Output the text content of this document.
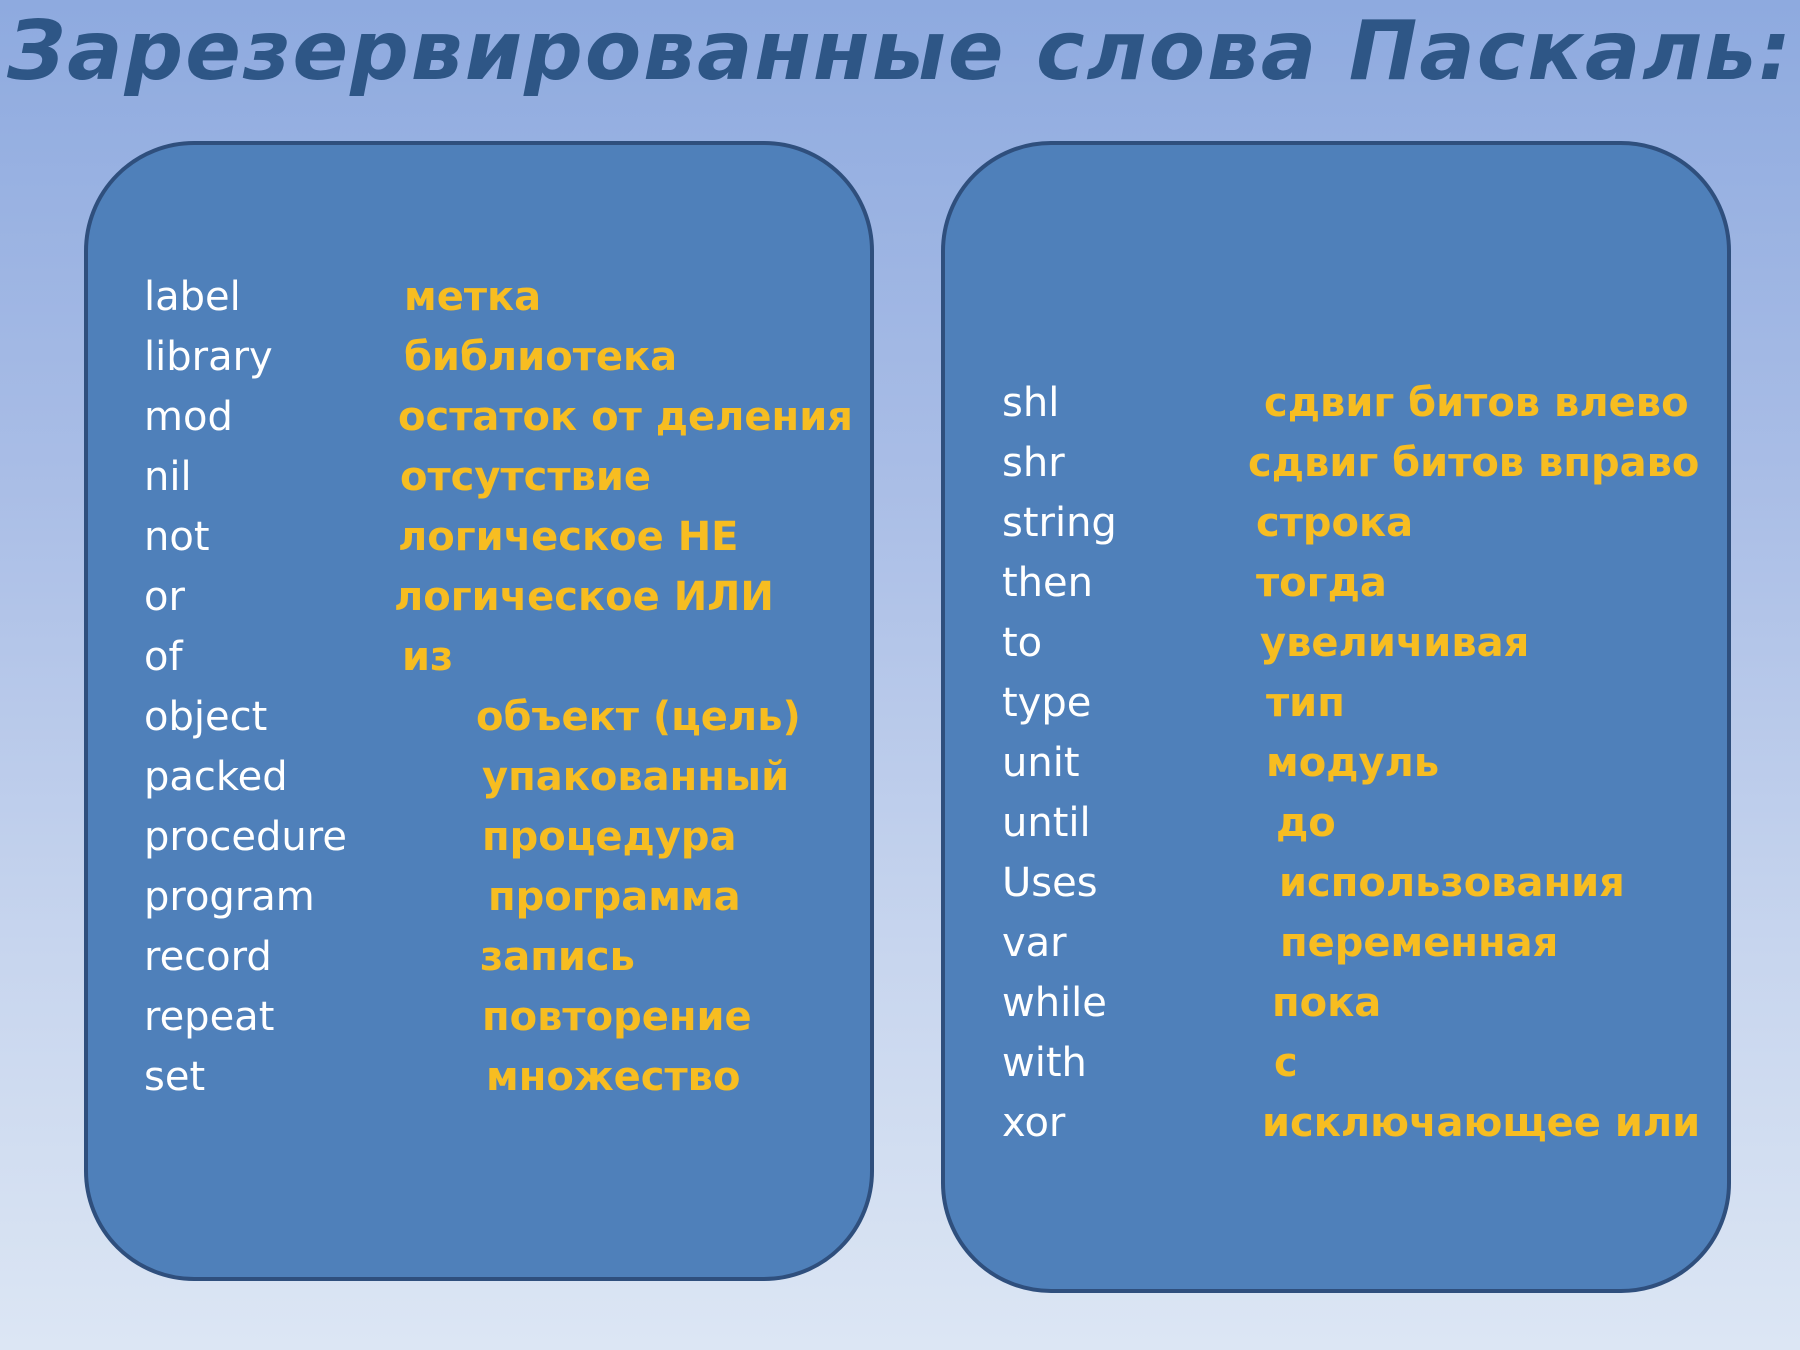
Зарезервированные слова Паскаль:
label	метка
library	библиотека
mod	остаток от деления
nil	отсутствие
not	логическое НЕ
or	логическое ИЛИ
of	из
object	объект (цель)
packed	упакованный
procedure	процедура
program	программа
record	запись
repeat	повторение
set	множество
shl	сдвиг битов влево
shr	сдвиг битов вправо
string	строка
then	тогда
to	увеличивая
type	тип
unit	модуль
until	до
Uses	использования
var	переменная
while	пока
with	с
xor	исключающее или
